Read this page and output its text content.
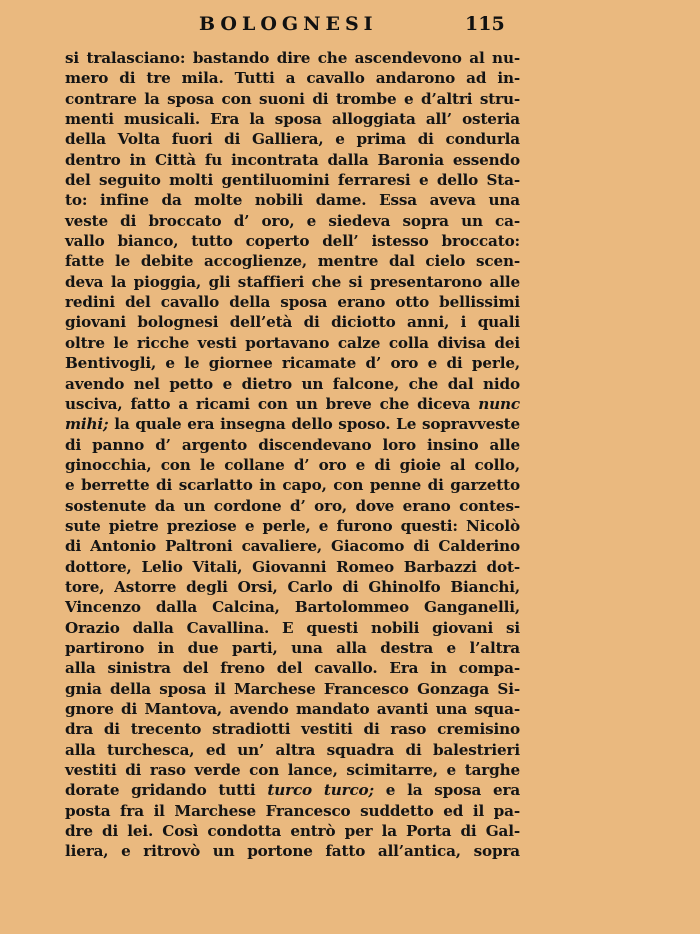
BOLOGNESI	115
si tralasciano: bastando dire che ascendevono al nu-
mero di tre mila. Tutti a cavallo andarono ad in-
contrare la sposa con suoni di trombe e d’altri stru-
menti musicali. Era la sposa alloggiata all’ osteria
della Volta fuori di Galliera, e prima di condurla
dentro in Città fu incontrata dalla Baronia essendo
del seguito molti gentiluomini ferraresi e dello Sta-
to: infine da molte nobili dame. Essa aveva una
veste di broccato d’ oro, e siedeva sopra un ca-
vallo bianco, tutto coperto dell’ istesso broccato:
fatte le debite accoglienze, mentre dal cielo scen-
deva la pioggia, gli staffieri che si presentarono alle
redini del cavallo della sposa erano otto bellissimi
giovani bolognesi dell’età di diciotto anni, i quali
oltre le ricche vesti portavano calze colla divisa dei
Bentivogli, e le giornee ricamate d’ oro e di perle,
avendo nel petto e dietro un falcone, che dal nido
usciva, fatto a ricami con un breve che diceva nunc
mihi; la quale era insegna dello sposo. Le sopravveste
di panno d’ argento discendevano loro insino alle
ginocchia, con le collane d’ oro e di gioie al collo,
e berrette di scarlatto in capo, con penne di garzetto
sostenute da un cordone d’ oro, dove erano contes-
sute pietre preziose e perle, e furono questi: Nicolò
di Antonio Paltroni cavaliere, Giacomo di Calderino
dottore, Lelio Vitali, Giovanni Romeo Barbazzi dot-
tore, Astorre degli Orsi, Carlo di Ghinolfo Bianchi,
Vincenzo dalla Calcina, Bartolommeo Ganganelli,
Orazio dalla Cavallina. E questi nobili giovani si
partirono in due parti, una alla destra e l’altra
alla sinistra del freno del cavallo. Era in compa-
gnia della sposa il Marchese Francesco Gonzaga Si-
gnore di Mantova, avendo mandato avanti una squa-
dra di trecento stradiotti vestiti di raso cremisino
alla turchesca, ed un’ altra squadra di balestrieri
vestiti di raso verde con lance, scimitarre, e targhe
dorate gridando tutti turco turco; e la sposa era
posta fra il Marchese Francesco suddetto ed il pa-
dre di lei. Così condotta entrò per la Porta di Gal-
liera, e ritrovò un portone fatto all’antica, sopra
